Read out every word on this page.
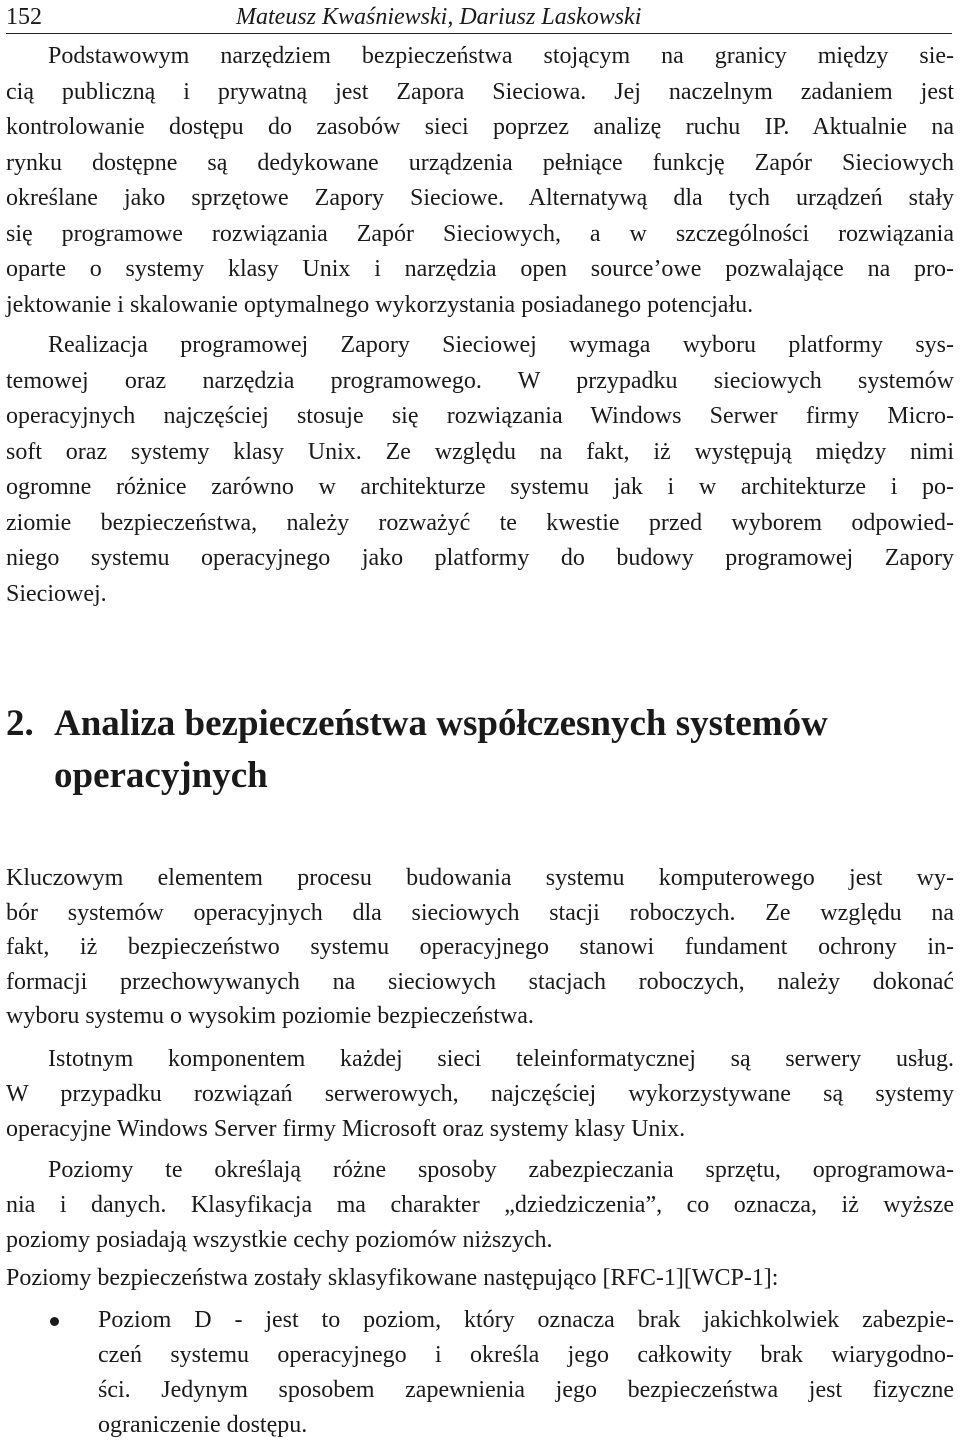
152	Mateusz Kwaśniewski, Dariusz Laskowski
Podstawowym narzędziem bezpieczeństwa stojącym na granicy między sie-
cią publiczną i prywatną jest Zapora Sieciowa. Jej naczelnym zadaniem jest
kontrolowanie dostępu do zasobów sieci poprzez analizę ruchu IP. Aktualnie na
rynku dostępne są dedykowane urządzenia pełniące funkcję Zapór Sieciowych
określane jako sprzętowe Zapory Sieciowe. Alternatywą dla tych urządzeń stały
się programowe rozwiązania Zapór Sieciowych, a w szczególności rozwiązania
oparte o systemy klasy Unix i narzędzia open source’owe pozwalające na pro-
jektowanie i skalowanie optymalnego wykorzystania posiadanego potencjału.
Realizacja programowej Zapory Sieciowej wymaga wyboru platformy sys-
temowej oraz narzędzia programowego. W przypadku sieciowych systemów
operacyjnych najczęściej stosuje się rozwiązania Windows Serwer firmy Micro-
soft oraz systemy klasy Unix. Ze względu na fakt, iż występują między nimi
ogromne różnice zarówno w architekturze systemu jak i w architekturze i po-
ziomie bezpieczeństwa, należy rozważyć te kwestie przed wyborem odpowied-
niego systemu operacyjnego jako platformy do budowy programowej Zapory
Sieciowej.
2. Analiza bezpieczeństwa współczesnych systemów
operacyjnych
Kluczowym elementem procesu budowania systemu komputerowego jest wy-
bór systemów operacyjnych dla sieciowych stacji roboczych. Ze względu na
fakt, iż bezpieczeństwo systemu operacyjnego stanowi fundament ochrony in-
formacji przechowywanych na sieciowych stacjach roboczych, należy dokonać
wyboru systemu o wysokim poziomie bezpieczeństwa.
Istotnym komponentem każdej sieci teleinformatycznej są serwery usług.
W przypadku rozwiązań serwerowych, najczęściej wykorzystywane są systemy
operacyjne Windows Server firmy Microsoft oraz systemy klasy Unix.
Poziomy te określają różne sposoby zabezpieczania sprzętu, oprogramowa-
nia i danych. Klasyfikacja ma charakter „dziedziczenia”, co oznacza, iż wyższe
poziomy posiadają wszystkie cechy poziomów niższych.
Poziomy bezpieczeństwa zostały sklasyfikowane następująco [RFC-1][WCP-1]:
Poziom D - jest to poziom, który oznacza brak jakichkolwiek zabezpie-
czeń systemu operacyjnego i określa jego całkowity brak wiarygodno-
ści. Jedynym sposobem zapewnienia jego bezpieczeństwa jest fizyczne
ograniczenie dostępu.
